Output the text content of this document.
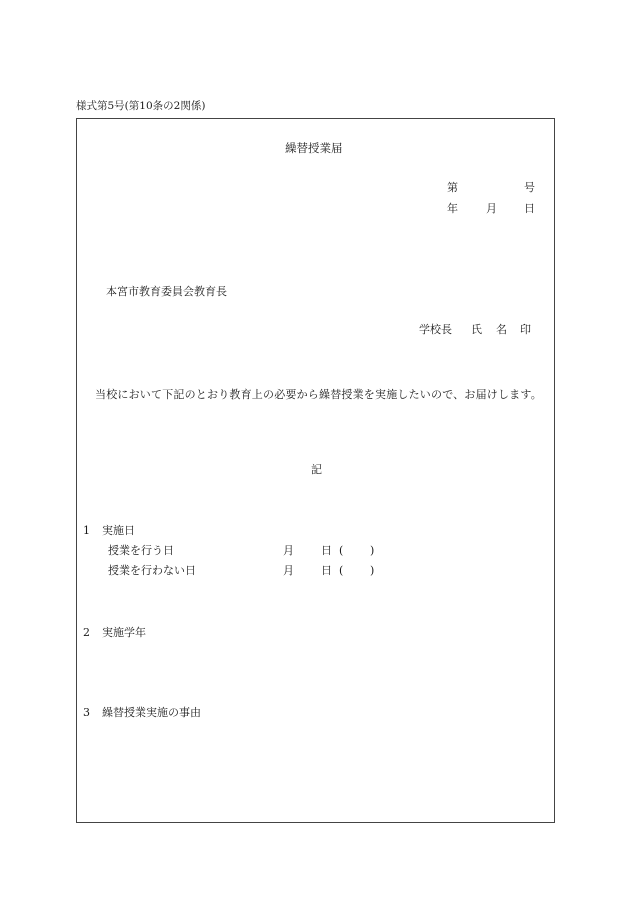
様式第5号(第10条の2関係)
繰替授業届
第	号
年	月 日
本宮市教育委員会教育長
学校長 氏 名 印
当校において下記のとおり教育上の必要から繰替授業を実施したいので、お届けします。
記
1 実施日
授業を行う日	月 日 ( )
授業を行わない日	月 日 ( )
2 実施学年
3 繰替授業実施の事由
